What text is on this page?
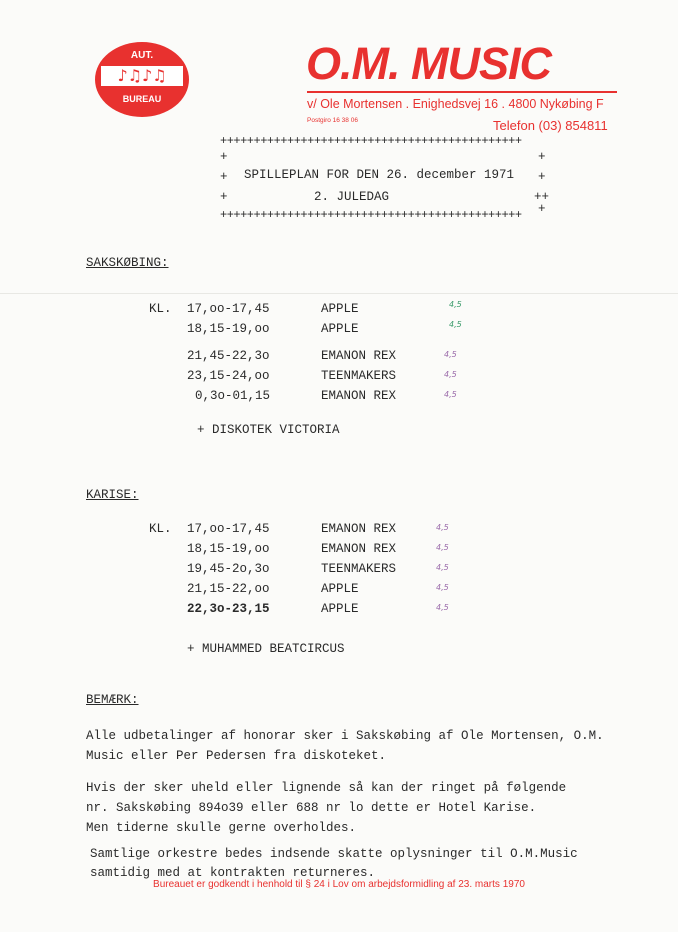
AUT.
♪♫♪♫
BUREAU
O.M. MUSIC
v/ Ole Mortensen . Enighedsvej 16 . 4800 Nykøbing F
Postgiro 16 38 06	Telefon (03) 854811
+++++++++++++++++++++++++++++++++++++++++++++
+	+
+	+
SPILLEPLAN FOR DEN 26. december 1971
+	++
2. JULEDAG
+
+++++++++++++++++++++++++++++++++++++++++++++
SAKSKØBING:
KL. 17,oo-17,45	APPLE	4,5
18,15-19,oo	APPLE	4,5
21,45-22,3o	EMANON REX	4,5
23,15-24,oo	TEENMAKERS	4,5
0,3o-01,15	EMANON REX	4,5
+ DISKOTEK VICTORIA
KARISE:
KL. 17,oo-17,45	EMANON REX	4,5
18,15-19,oo	EMANON REX	4,5
19,45-2o,3o	TEENMAKERS	4,5
21,15-22,oo	APPLE	4,5
22,3o-23,15	APPLE	4,5
+ MUHAMMED BEATCIRCUS
BEMÆRK:
Alle udbetalinger af honorar sker i Sakskøbing af Ole Mortensen, O.M.
Music eller Per Pedersen fra diskoteket.
Hvis der sker uheld eller lignende så kan der ringet på følgende
nr. Sakskøbing 894o39 eller 688 nr lo dette er Hotel Karise.
Men tiderne skulle gerne overholdes.
Samtlige orkestre bedes indsende skatte oplysninger til O.M.Music
samtidig med at kontrakten returneres.
Bureauet er godkendt i henhold til § 24 i Lov om arbejdsformidling af 23. marts 1970
